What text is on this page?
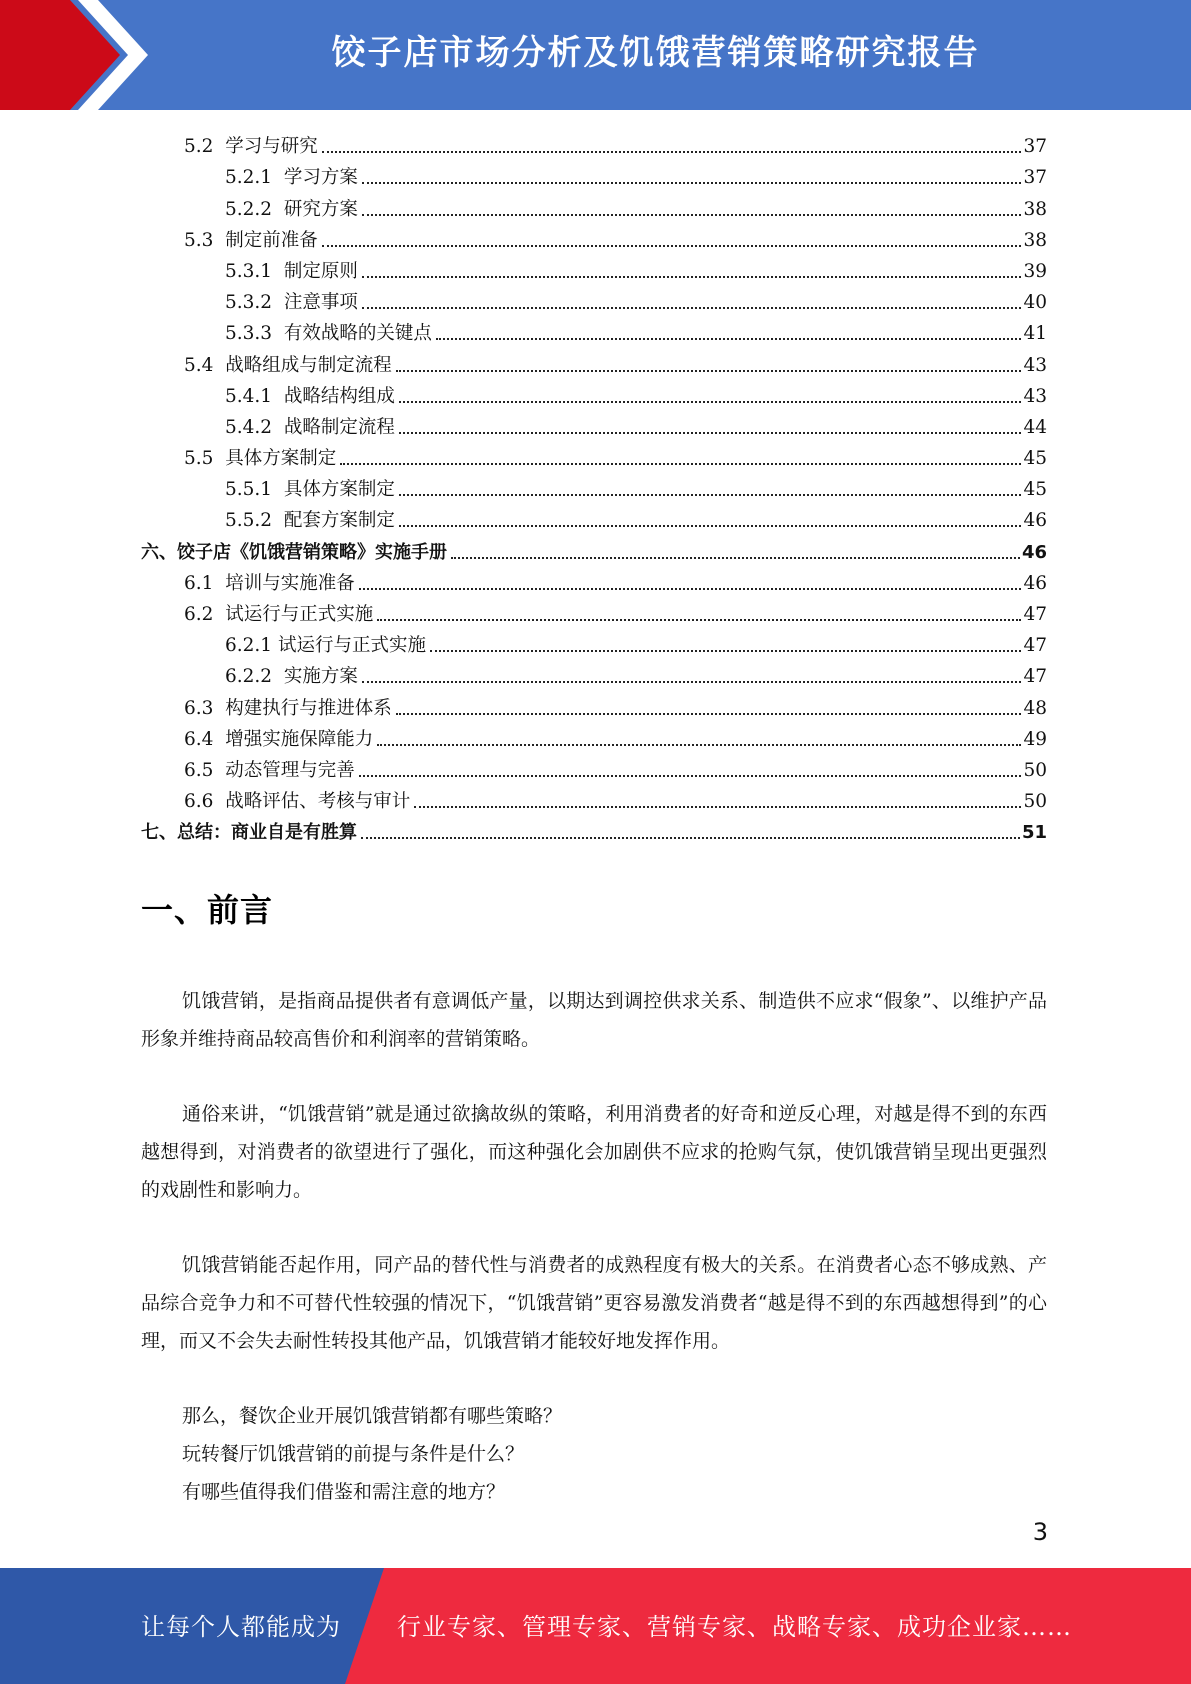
饺子店市场分析及饥饿营销策略研究报告
5.2 学习与研究	37
5.2.1 学习方案	37
5.2.2 研究方案	38
5.3 制定前准备	38
5.3.1 制定原则	39
5.3.2 注意事项	40
5.3.3 有效战略的关键点	41
5.4 战略组成与制定流程	43
5.4.1 战略结构组成	43
5.4.2 战略制定流程	44
5.5 具体方案制定	45
5.5.1 具体方案制定	45
5.5.2 配套方案制定	46
六、饺子店《饥饿营销策略》实施手册	46
6.1 培训与实施准备	46
6.2 试运行与正式实施	47
6.2.1 试运行与正式实施	47
6.2.2 实施方案	47
6.3 构建执行与推进体系	48
6.4 增强实施保障能力	49
6.5 动态管理与完善	50
6.6 战略评估、考核与审计	50
七、总结：商业自是有胜算	51
一、前言

饥饿营销，是指商品提供者有意调低产量，以期达到调控供求关系、制造供不应求“假象”、以维护产品形象并维持商品较高售价和利润率的营销策略。

通俗来讲，“饥饿营销”就是通过欲擒故纵的策略，利用消费者的好奇和逆反心理，对越是得不到的东西越想得到，对消费者的欲望进行了强化，而这种强化会加剧供不应求的抢购气氛，使饥饿营销呈现出更强烈的戏剧性和影响力。

饥饿营销能否起作用，同产品的替代性与消费者的成熟程度有极大的关系。在消费者心态不够成熟、产品综合竞争力和不可替代性较强的情况下，“饥饿营销”更容易激发消费者“越是得不到的东西越想得到”的心理，而又不会失去耐性转投其他产品，饥饿营销才能较好地发挥作用。

那么，餐饮企业开展饥饿营销都有哪些策略？
玩转餐厅饥饿营销的前提与条件是什么？
有哪些值得我们借鉴和需注意的地方？
3
让每个人都能成为 行业专家、管理专家、营销专家、战略专家、成功企业家……
